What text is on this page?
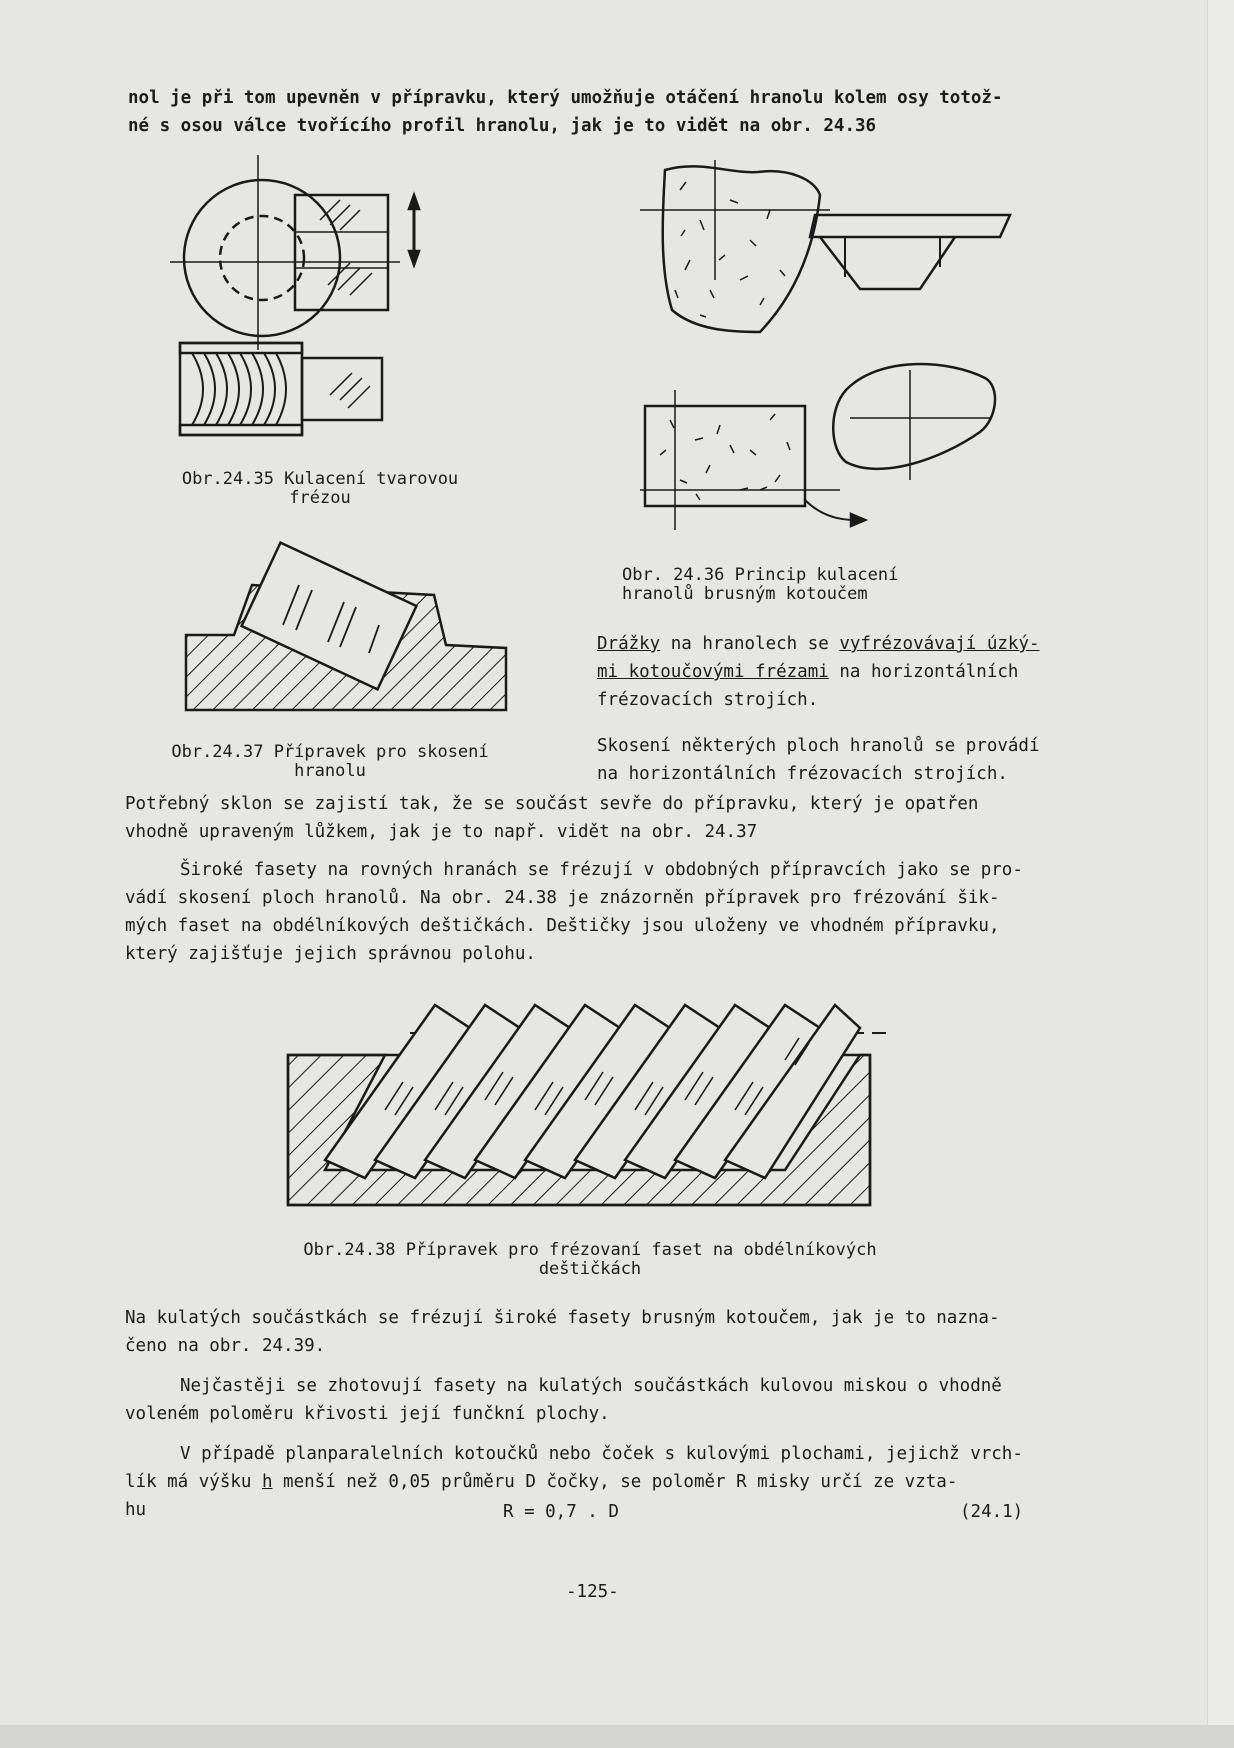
nol je při tom upevněn v přípravku, který umožňuje otáčení hranolu kolem osy totož-

né s osou válce tvořícího profil hranolu, jak je to vidět na obr. 24.36

Obr.24.35 Kulacení tvarovou
frézou
Obr. 24.36 Princip kulacení
hranolů brusným kotoučem
Obr.24.37 Přípravek pro skosení
hranolu

Drážky na hranolech se vyfrézovávají úzký-

mi kotoučovými frézami na horizontálních

frézovacích strojích.

Skosení některých ploch hranolů se provádí

na horizontálních frézovacích strojích.

Potřebný sklon se zajistí tak, že se součást sevře do přípravku, který je opatřen

vhodně upraveným lůžkem, jak je to např. vidět na obr. 24.37

Široké fasety na rovných hranách se frézují v obdobných přípravcích jako se pro-

vádí skosení ploch hranolů. Na obr. 24.38 je znázorněn přípravek pro frézování šik-

mých faset na obdélníkových deštičkách. Deštičky jsou uloženy ve vhodném přípravku,

který zajišťuje jejich správnou polohu.

Obr.24.38 Přípravek pro frézovaní faset na obdélníkových
deštičkách

Na kulatých součástkách se frézují široké fasety brusným kotoučem, jak je to nazna-

čeno na obr. 24.39.

Nejčastěji se zhotovují fasety na kulatých součástkách kulovou miskou o vhodně

voleném poloměru křivosti její funčkní plochy.

V případě planparalelních kotoučků nebo čoček s kulovými plochami, jejichž vrch-

lík má výšku h menší než 0,05 průměru D čočky, se poloměr R misky určí ze vzta-

hu	R = 0,7 . D	(24.1)
-125-
